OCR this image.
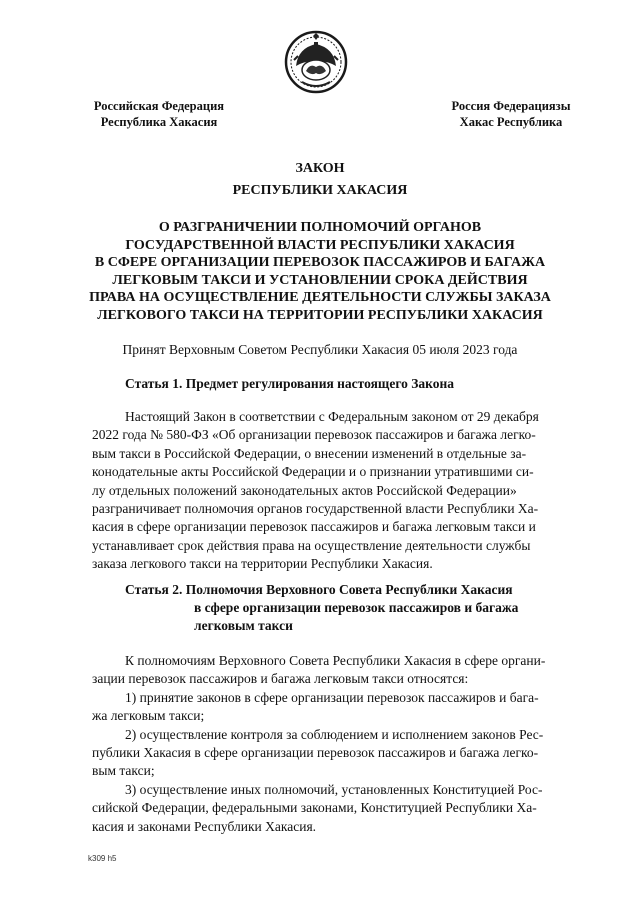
Российская Федерация
Республика Хакасия
Россия Федерациязы
Хакас Республика
ЗАКОН
РЕСПУБЛИКИ ХАКАСИЯ
О РАЗГРАНИЧЕНИИ ПОЛНОМОЧИЙ ОРГАНОВ
ГОСУДАРСТВЕННОЙ ВЛАСТИ РЕСПУБЛИКИ ХАКАСИЯ
В СФЕРЕ ОРГАНИЗАЦИИ ПЕРЕВОЗОК ПАССАЖИРОВ И БАГАЖА
ЛЕГКОВЫМ ТАКСИ И УСТАНОВЛЕНИИ СРОКА ДЕЙСТВИЯ
ПРАВА НА ОСУЩЕСТВЛЕНИЕ ДЕЯТЕЛЬНОСТИ СЛУЖБЫ ЗАКАЗА
ЛЕГКОВОГО ТАКСИ НА ТЕРРИТОРИИ РЕСПУБЛИКИ ХАКАСИЯ
Принят Верховным Советом Республики Хакасия 05 июля 2023 года
Статья 1. Предмет регулирования настоящего Закона
Настоящий Закон в соответствии с Федеральным законом от 29 декабря
2022 года № 580-ФЗ «Об организации перевозок пассажиров и багажа легко-
вым такси в Российской Федерации, о внесении изменений в отдельные за-
конодательные акты Российской Федерации и о признании утратившими си-
лу отдельных положений законодательных актов Российской Федерации»
разграничивает полномочия органов государственной власти Республики Ха-
касия в сфере организации перевозок пассажиров и багажа легковым такси и
устанавливает срок действия права на осуществление деятельности службы
заказа легкового такси на территории Республики Хакасия.
Статья 2. Полномочия Верховного Совета Республики Хакасия
в сфере организации перевозок пассажиров и багажа
легковым такси
К полномочиям Верховного Совета Республики Хакасия в сфере органи-
зации перевозок пассажиров и багажа легковым такси относятся:
1) принятие законов в сфере организации перевозок пассажиров и бага-
жа легковым такси;
2) осуществление контроля за соблюдением и исполнением законов Рес-
публики Хакасия в сфере организации перевозок пассажиров и багажа легко-
вым такси;
3) осуществление иных полномочий, установленных Конституцией Рос-
сийской Федерации, федеральными законами, Конституцией Республики Ха-
касия и законами Республики Хакасия.
k309 h5
